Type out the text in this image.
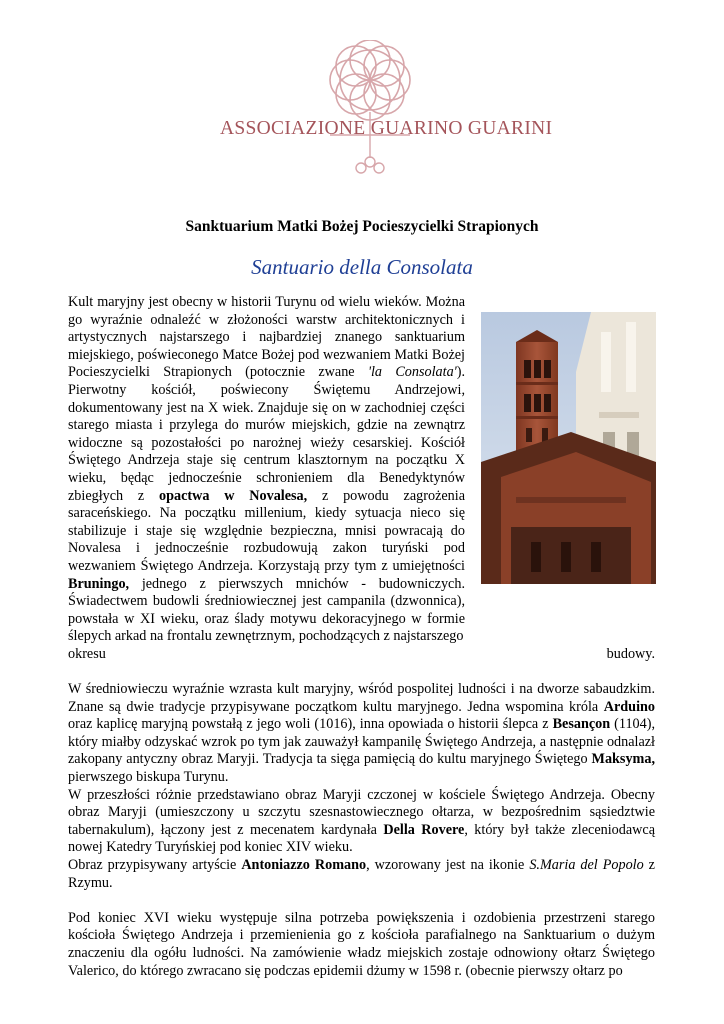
ASSOCIAZIONE GUARINO GUARINI
Sanktuarium Matki Bożej Pocieszycielki Strapionych
Santuario della Consolata

Kult maryjny jest obecny w historii Turynu od wielu wieków. Można go wyraźnie odnaleźć w złożoności warstw architektonicznych i artystycznych najstarszego i najbardziej znanego sanktuarium miejskiego, poświeconego Matce Bożej pod wezwaniem Matki Bożej Pocieszycielki Strapionych (potocznie zwane 'la Consolata'). Pierwotny kościół, poświecony Świętemu Andrzejowi, dokumentowany jest na X wiek. Znajduje się on w zachodniej części starego miasta i przylega do murów miejskich, gdzie na zewnątrz widoczne są pozostałości po narożnej wieży cesarskiej. Kościół Świętego Andrzeja staje się centrum klasztornym na początku X wieku, będąc jednocześnie schronieniem dla Benedyktynów zbiegłych z opactwa w Novalesa, z powodu zagrożenia saraceńskiego. Na początku millenium, kiedy sytuacja nieco się stabilizuje i staje się względnie bezpieczna, mnisi powracają do Novalesa i jednocześnie rozbudowują zakon turyński pod wezwaniem Świętego Andrzeja. Korzystają przy tym z umiejętności Bruningo, jednego z pierwszych mnichów - budowniczych. Świadectwem budowli średniowiecznej jest campanila (dzwonnica), powstała w XI wieku, oraz ślady motywu dekoracyjnego w formie ślepych arkad na frontalu zewnętrznym, pochodzących z najstarszego

okresu	budowy.

W średniowieczu wyraźnie wzrasta kult maryjny, wśród pospolitej ludności i na dworze sabaudzkim. Znane są dwie tradycje przypisywane początkom kultu maryjnego. Jedna wspomina króla Arduino oraz kaplicę maryjną powstałą z jego woli (1016), inna opowiada o historii ślepca z Besançon (1104), który miałby odzyskać wzrok po tym jak zauważył kampanilę Świętego Andrzeja, a następnie odnalazł zakopany antyczny obraz Maryji. Tradycja ta sięga pamięcią do kultu maryjnego Świętego Maksyma, pierwszego biskupa Turynu.

W przeszłości różnie przedstawiano obraz Maryji czczonej w kościele Świętego Andrzeja. Obecny obraz Maryji (umieszczony u szczytu szesnastowiecznego ołtarza, w bezpośrednim sąsiedztwie tabernakulum), łączony jest z mecenatem kardynała Della Rovere, który był także zleceniodawcą nowej Katedry Turyńskiej pod koniec XIV wieku.

Obraz przypisywany artyście Antoniazzo Romano, wzorowany jest na ikonie S.Maria del Popolo z Rzymu.

Pod koniec XVI wieku występuje silna potrzeba powiększenia i ozdobienia przestrzeni starego kościoła Świętego Andrzeja i przemienienia go z kościoła parafialnego na Sanktuarium o dużym znaczeniu dla ogółu ludności. Na zamówienie władz miejskich zostaje odnowiony ołtarz Świętego Valerico, do którego zwracano się podczas epidemii dżumy w 1598 r. (obecnie pierwszy ołtarz po
